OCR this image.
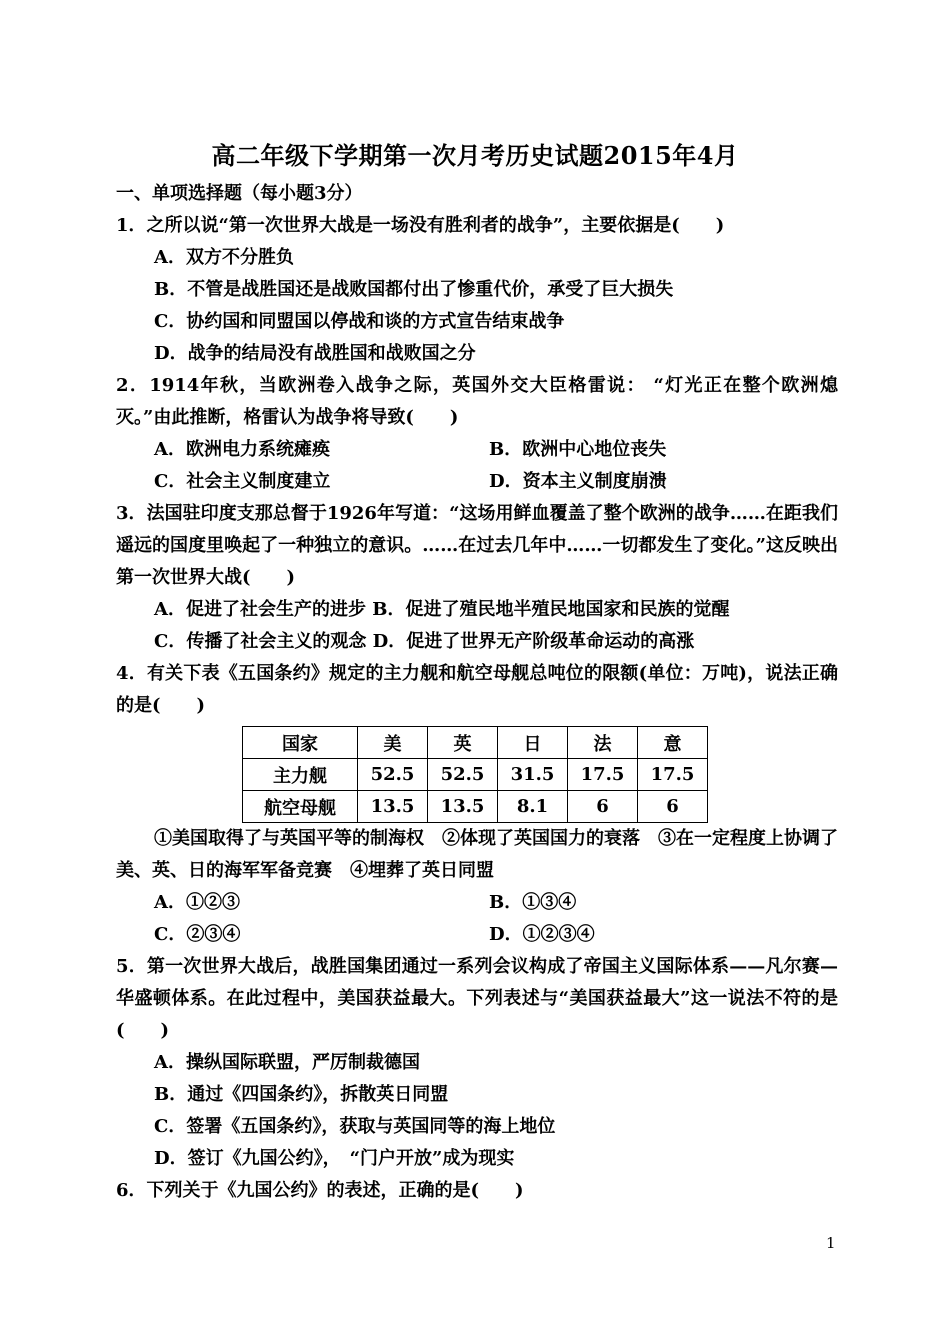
高二年级下学期第一次月考历史试题2015年4月
一、单项选择题（每小题3分）
1．之所以说“第一次世界大战是一场没有胜利者的战争”，主要依据是(　　)
A．双方不分胜负
B．不管是战胜国还是战败国都付出了惨重代价，承受了巨大损失
C．协约国和同盟国以停战和谈的方式宣告结束战争
D．战争的结局没有战胜国和战败国之分
2．1914年秋，当欧洲卷入战争之际，英国外交大臣格雷说： “灯光正在整个欧洲熄灭。”由此推断，格雷认为战争将导致(　　)
A．欧洲电力系统瘫痪	B．欧洲中心地位丧失
C．社会主义制度建立	D．资本主义制度崩溃
3．法国驻印度支那总督于1926年写道：“这场用鲜血覆盖了整个欧洲的战争……在距我们遥远的国度里唤起了一种独立的意识。……在过去几年中……一切都发生了变化。”这反映出第一次世界大战(　　)
A．促进了社会生产的进步 B．促进了殖民地半殖民地国家和民族的觉醒
C．传播了社会主义的观念 D．促进了世界无产阶级革命运动的高涨
4．有关下表《五国条约》规定的主力舰和航空母舰总吨位的限额(单位：万吨)，说法正确的是(　　)
国家	美	英	日	法	意
主力舰	52.5	52.5	31.5	17.5	17.5
航空母舰	13.5	13.5	8.1	6	6
①美国取得了与英国平等的制海权　②体现了英国国力的衰落　③在一定程度上协调了美、英、日的海军军备竞赛　④埋葬了英日同盟
A．①②③	B．①③④
C．②③④	D．①②③④
5．第一次世界大战后，战胜国集团通过一系列会议构成了帝国主义国际体系——凡尔赛—华盛顿体系。在此过程中，美国获益最大。下列表述与“美国获益最大”这一说法不符的是(　　)
A．操纵国际联盟，严厉制裁德国
B．通过《四国条约》，拆散英日同盟
C．签署《五国条约》，获取与英国同等的海上地位
D．签订《九国公约》，　“门户开放”成为现实
6．下列关于《九国公约》的表述，正确的是(　　)
1
